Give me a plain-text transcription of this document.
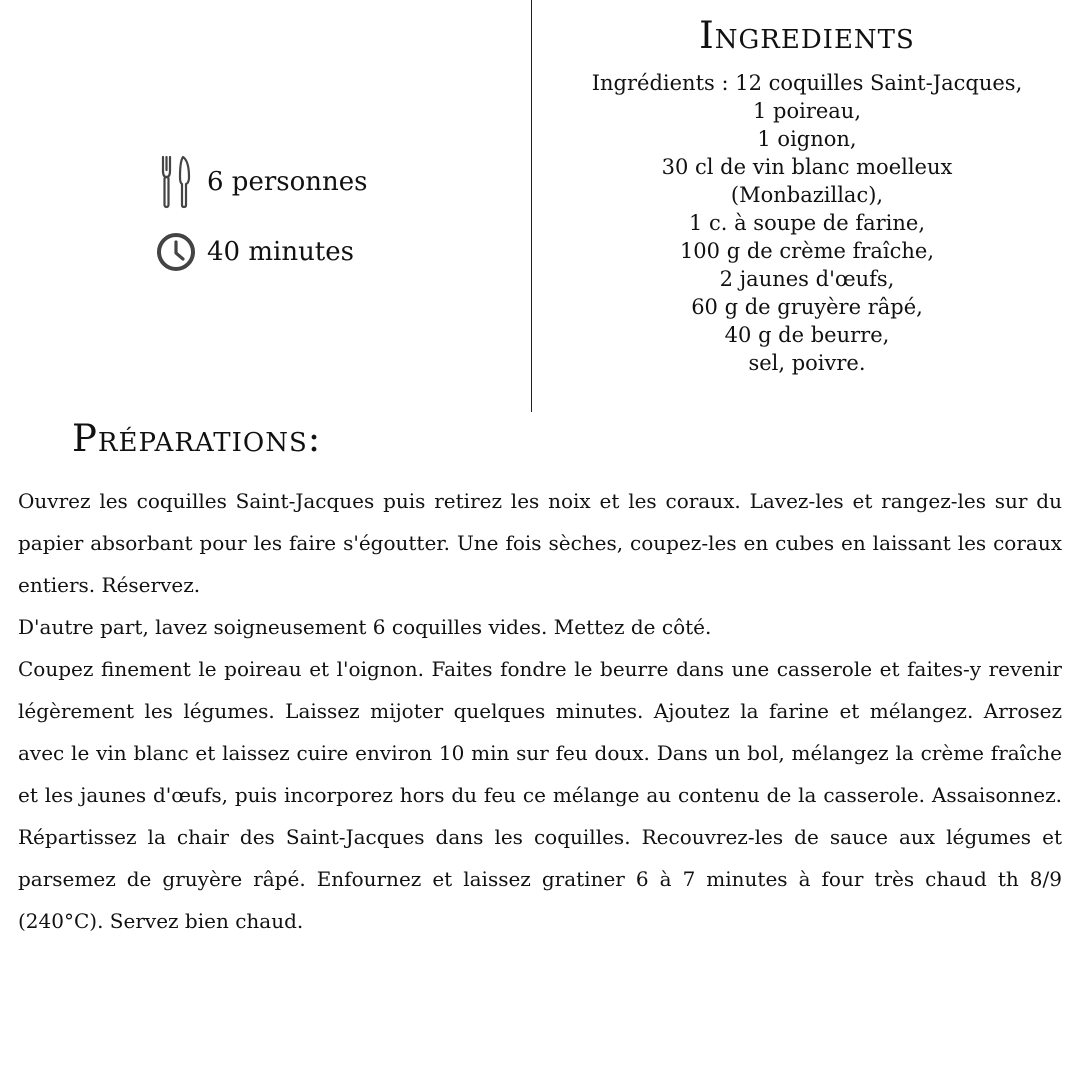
6 personnes
40 minutes
Ingredients
Ingrédients : 12 coquilles Saint-Jacques,
1 poireau,
1 oignon,
30 cl de vin blanc moelleux
(Monbazillac),
1 c. à soupe de farine,
100 g de crème fraîche,
2 jaunes d'œufs,
60 g de gruyère râpé,
40 g de beurre,
sel, poivre.
Préparations:

Ouvrez les coquilles Saint-Jacques puis retirez les noix et les coraux. Lavez-les et rangez-les sur du papier absorbant pour les faire s'égoutter. Une fois sèches, coupez-les en cubes en laissant les coraux entiers. Réservez.

D'autre part, lavez soigneusement 6 coquilles vides. Mettez de côté.

Coupez finement le poireau et l'oignon. Faites fondre le beurre dans une casserole et faites-y revenir légèrement les légumes. Laissez mijoter quelques minutes. Ajoutez la farine et mélangez. Arrosez avec le vin blanc et laissez cuire environ 10 min sur feu doux. Dans un bol, mélangez la crème fraîche et les jaunes d'œufs, puis incorporez hors du feu ce mélange au contenu de la casserole. Assaisonnez. Répartissez la chair des Saint-Jacques dans les coquilles. Recouvrez-les de sauce aux légumes et parsemez de gruyère râpé. Enfournez et laissez gratiner 6 à 7 minutes à four très chaud th 8/9 (240°C). Servez bien chaud.
